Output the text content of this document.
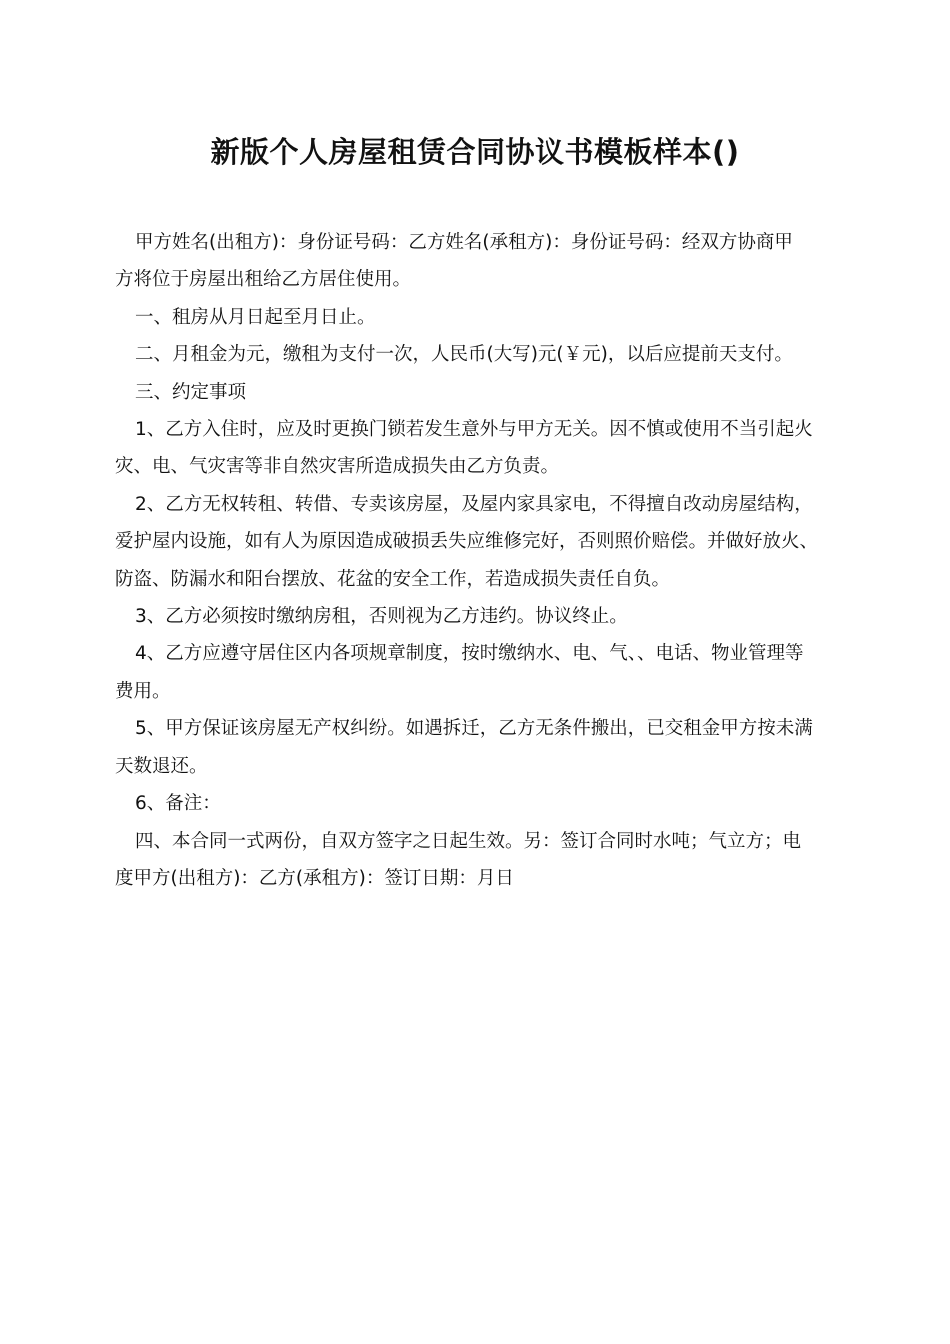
新版个人房屋租赁合同协议书模板样本()
甲方姓名(出租方)：身份证号码：乙方姓名(承租方)：身份证号码：经双方协商甲
方将位于房屋出租给乙方居住使用。
一、租房从月日起至月日止。
二、月租金为元，缴租为支付一次，人民币(大写)元(￥元)，以后应提前天支付。
三、约定事项
1、乙方入住时，应及时更换门锁若发生意外与甲方无关。因不慎或使用不当引起火
灾、电、气灾害等非自然灾害所造成损失由乙方负责。
2、乙方无权转租、转借、专卖该房屋，及屋内家具家电，不得擅自改动房屋结构，
爱护屋内设施，如有人为原因造成破损丢失应维修完好，否则照价赔偿。并做好放火、
防盗、防漏水和阳台摆放、花盆的安全工作，若造成损失责任自负。
3、乙方必须按时缴纳房租，否则视为乙方违约。协议终止。
4、乙方应遵守居住区内各项规章制度，按时缴纳水、电、气、、电话、物业管理等
费用。
5、甲方保证该房屋无产权纠纷。如遇拆迁，乙方无条件搬出，已交租金甲方按未满
天数退还。
6、备注：
四、本合同一式两份，自双方签字之日起生效。另：签订合同时水吨；气立方；电
度甲方(出租方)：乙方(承租方)：签订日期：月日
